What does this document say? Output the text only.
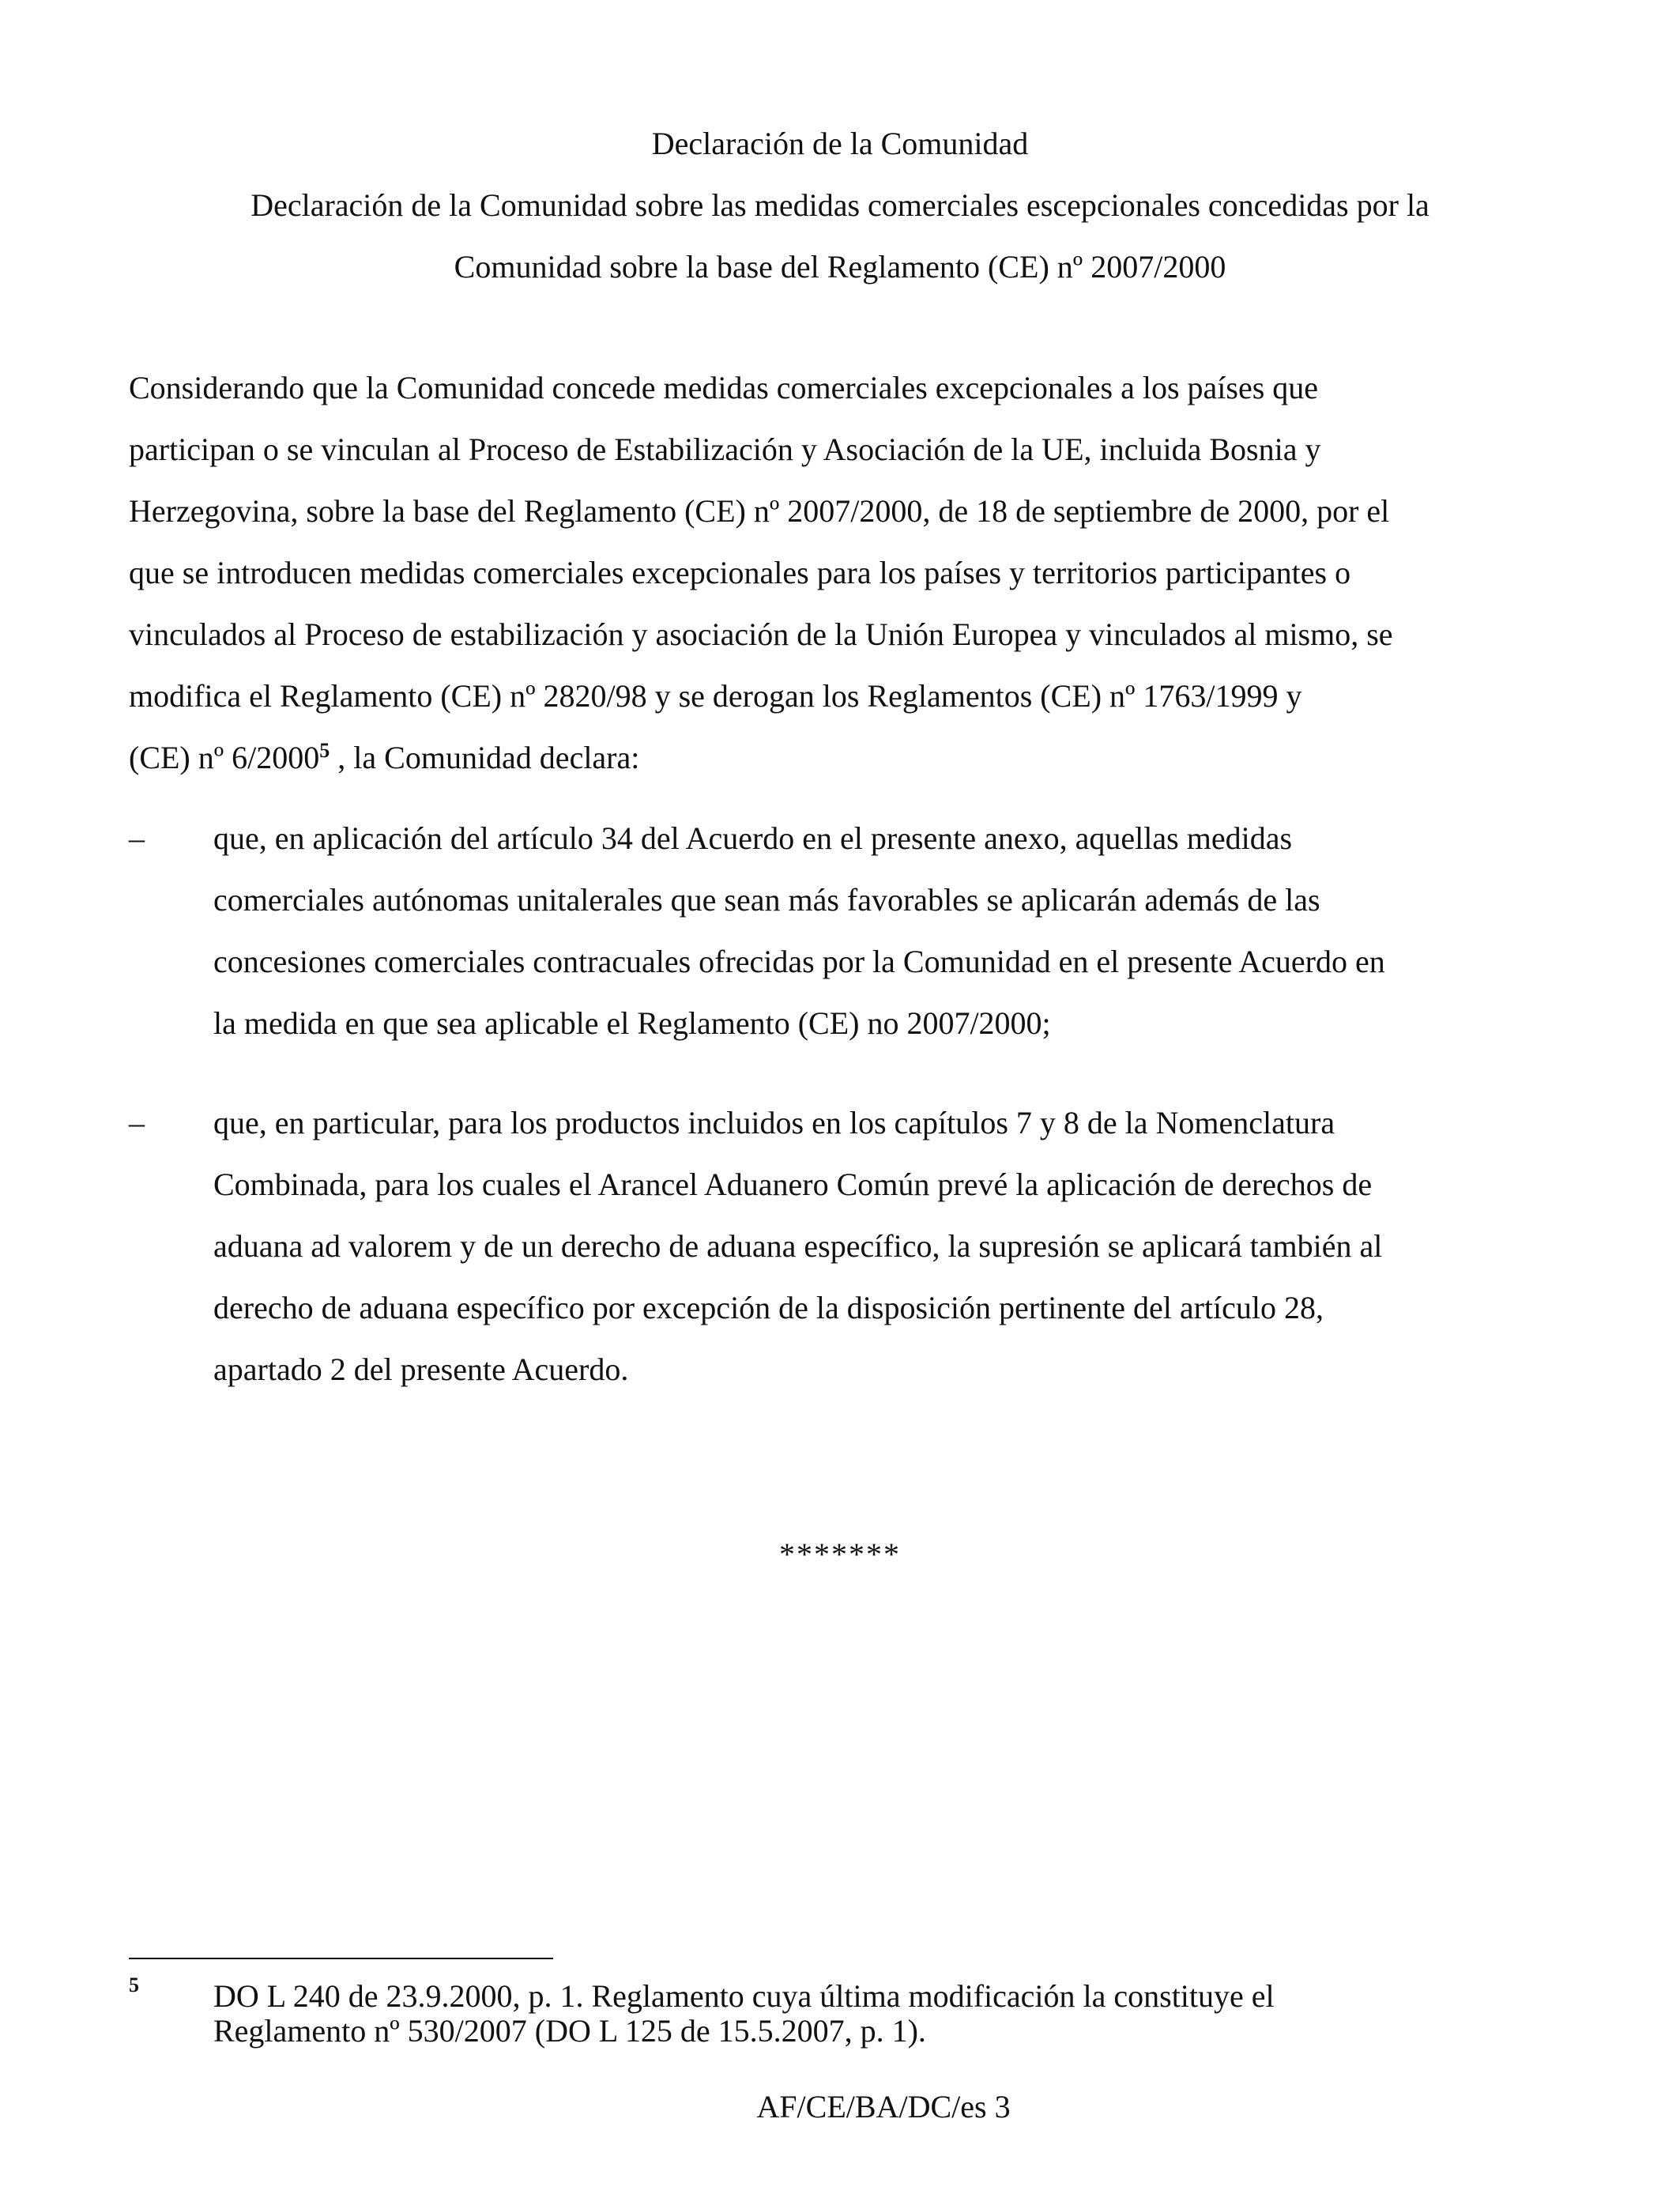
Declaración de la Comunidad
Declaración de la Comunidad sobre las medidas comerciales escepcionales concedidas por la
Comunidad sobre la base del Reglamento (CE) nº 2007/2000
Considerando que la Comunidad concede medidas comerciales excepcionales a los países que
participan o se vinculan al Proceso de Estabilización y Asociación de la UE, incluida Bosnia y
Herzegovina, sobre la base del Reglamento (CE) nº 2007/2000, de 18 de septiembre de 2000, por el
que se introducen medidas comerciales excepcionales para los países y territorios participantes o
vinculados al Proceso de estabilización y asociación de la Unión Europea y vinculados al mismo, se
modifica el Reglamento (CE) nº 2820/98 y se derogan los Reglamentos (CE) nº 1763/1999 y
(CE) nº 6/2000$^5$ , la Comunidad declara:
–	que, en aplicación del artículo 34 del Acuerdo en el presente anexo, aquellas medidas
comerciales autónomas unitalerales que sean más favorables se aplicarán además de las
concesiones comerciales contracuales ofrecidas por la Comunidad en el presente Acuerdo en
la medida en que sea aplicable el Reglamento (CE) no 2007/2000;
–	que, en particular, para los productos incluidos en los capítulos 7 y 8 de la Nomenclatura
Combinada, para los cuales el Arancel Aduanero Común prevé la aplicación de derechos de
aduana ad valorem y de un derecho de aduana específico, la supresión se aplicará también al
derecho de aduana específico por excepción de la disposición pertinente del artículo 28,
apartado 2 del presente Acuerdo.
*******
5 DO L 240 de 23.9.2000, p. 1. Reglamento cuya última modificación la constituye el
Reglamento nº 530/2007 (DO L 125 de 15.5.2007, p. 1).
AF/CE/BA/DC/es 3
